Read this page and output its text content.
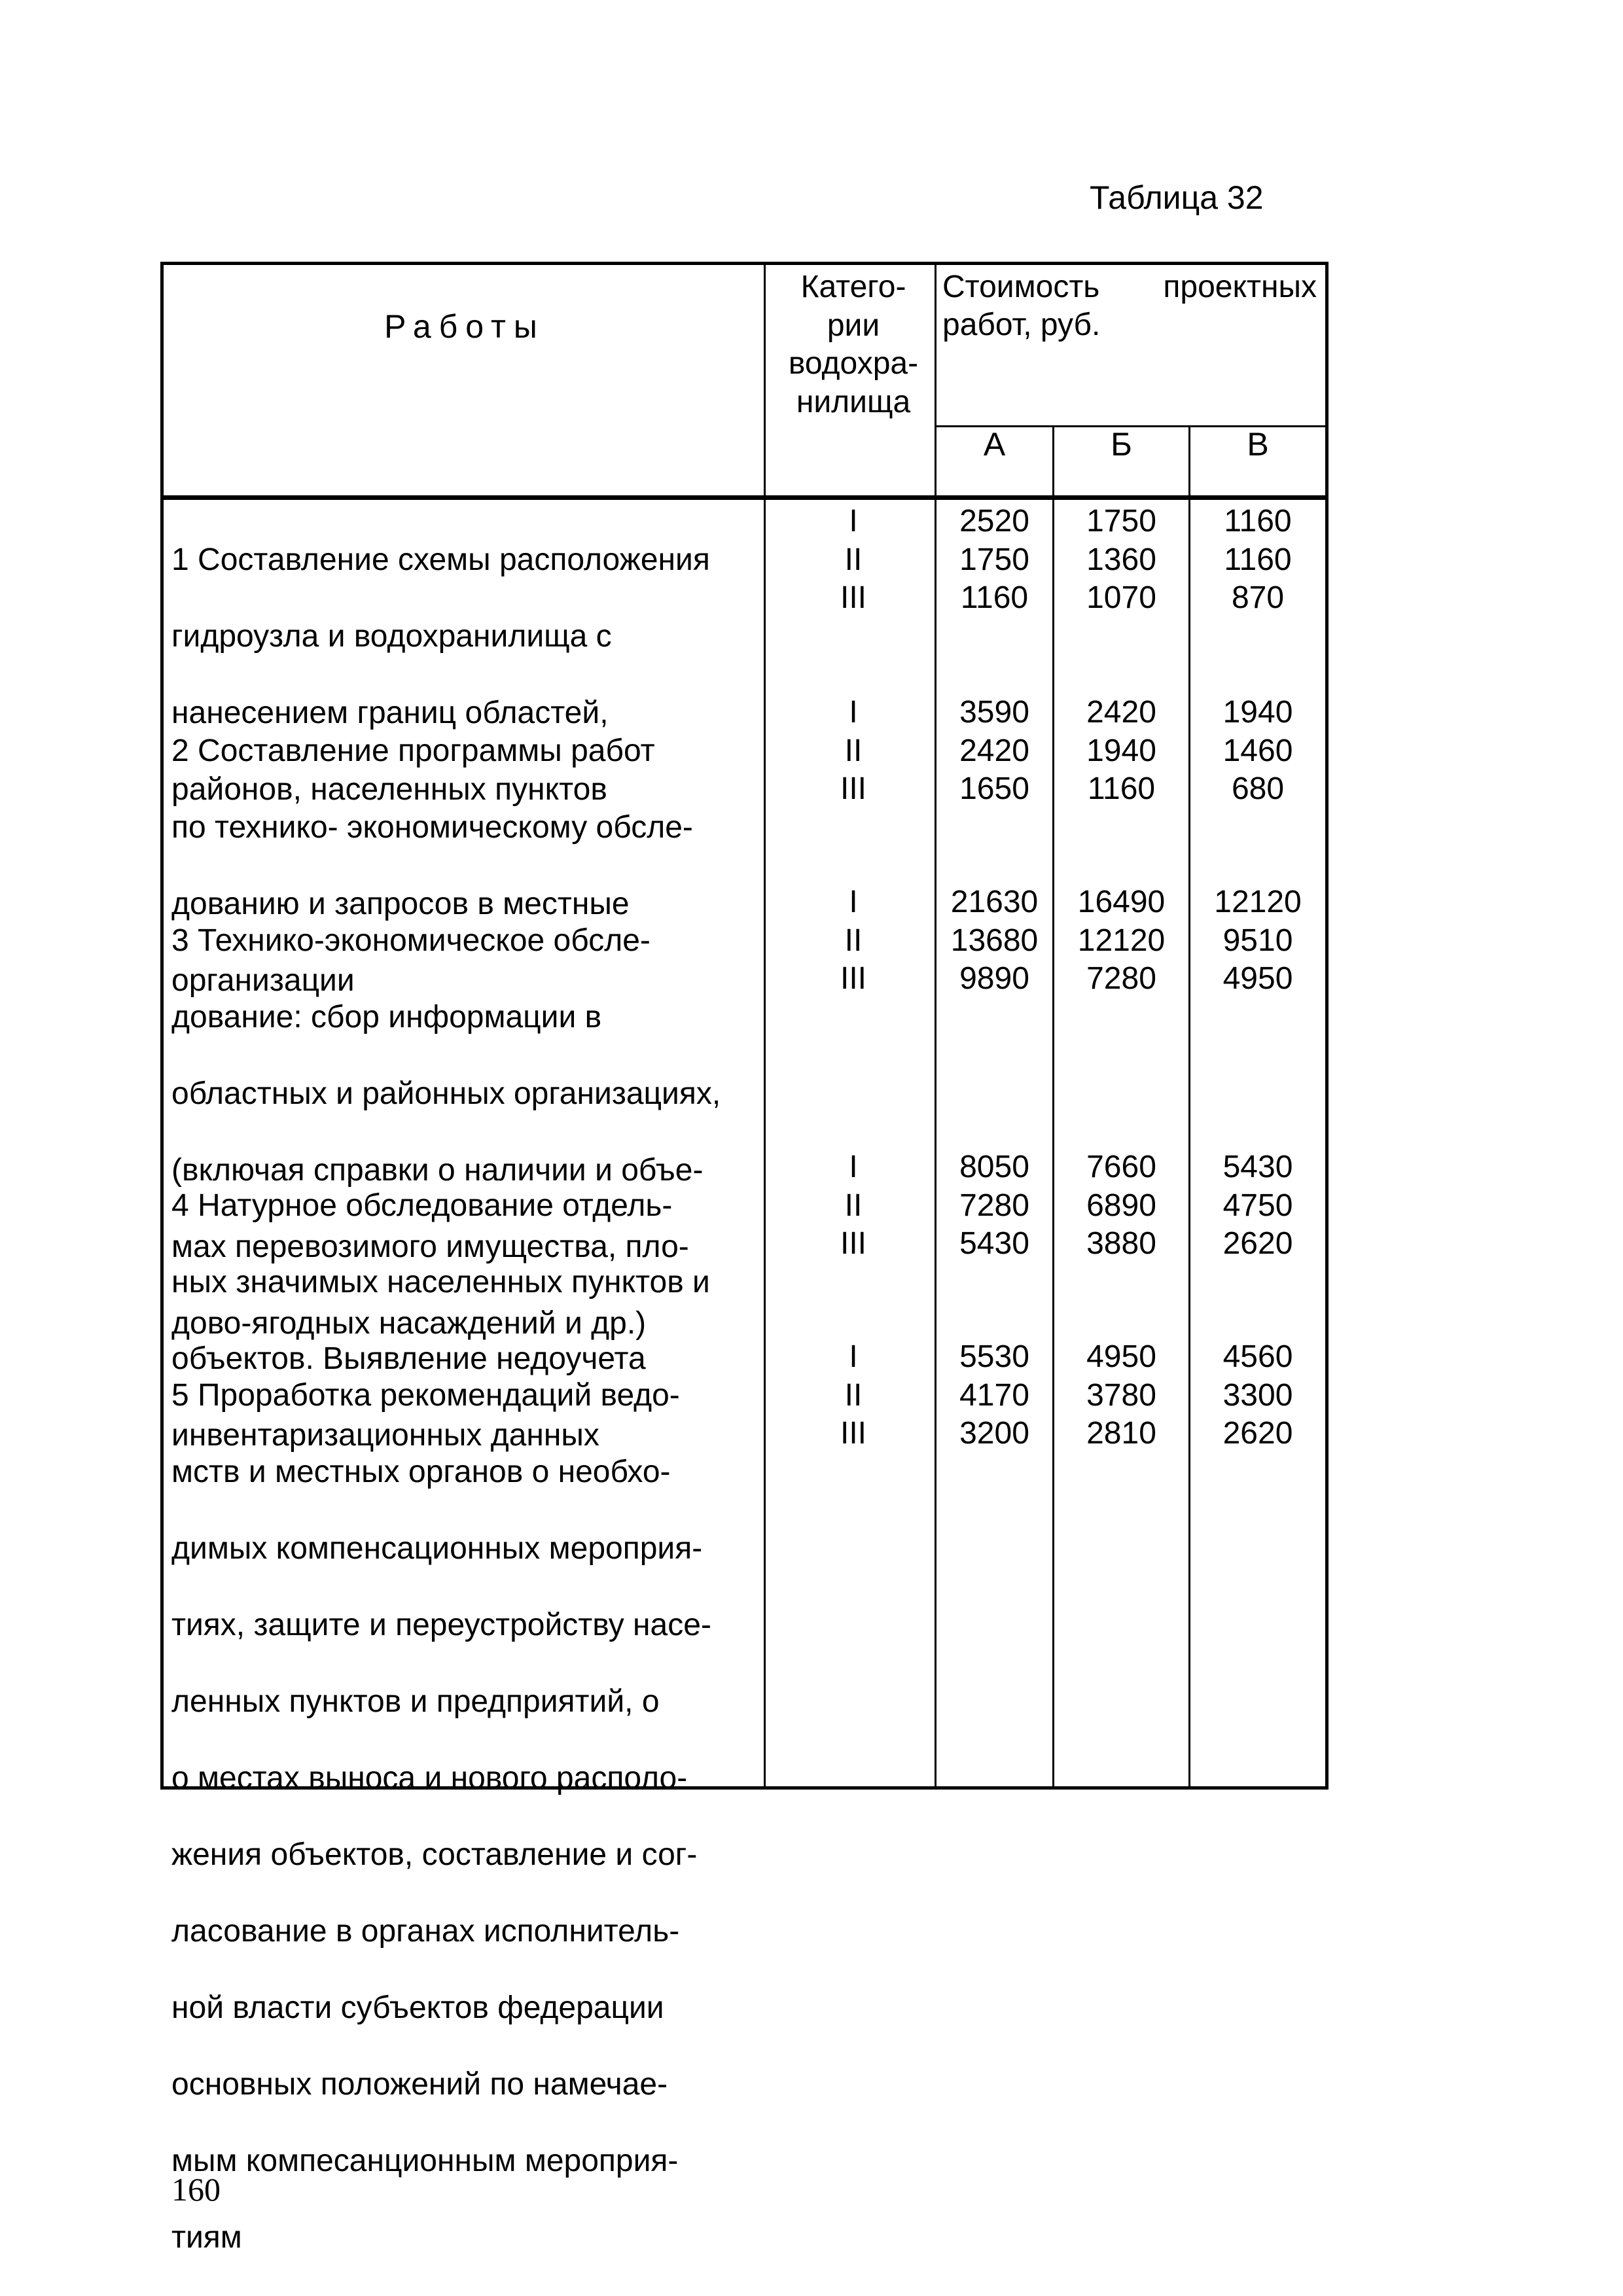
Таблица 32
Работы
Катего-
рии
водохра-
нилища
Стоимость проектных
работ, руб.
А	Б	В

1 Составление схемы расположения

гидроузла и водохранилища с

нанесением границ областей,

районов, населенных пунктов

I
II
III
2520
1750
1160
1750
1360
1070
1160
1160
870

2 Составление программы работ

по технико- экономическому обсле-

дованию и запросов в местные

организации

I
II
III
3590
2420
1650
2420
1940
1160
1940
1460
680

3 Технико-экономическое обсле-

дование: сбор информации в

областных и районных организациях,

(включая справки о наличии и объе-

мах перевозимого имущества, пло-

дово-ягодных насаждений и др.)

I
II
III
21630
13680
9890
16490
12120
7280
12120
9510
4950

4 Натурное обследование отдель-

ных значимых населенных пунктов и

объектов. Выявление недоучета

инвентаризационных данных

I
II
III
8050
7280
5430
7660
6890
3880
5430
4750
2620

5 Проработка рекомендаций ведо-

мств и местных органов о необхо-

димых компенсационных мероприя-

тиях, защите и переустройству насе-

ленных пунктов и предприятий, о

о местах выноса и нового располо-

жения объектов, составление и сог-

ласование в органах исполнитель-

ной власти субъектов федерации

основных положений по намечае-

мым компесанционным мероприя-

тиям

I
II
III
5530
4170
3200
4950
3780
2810
4560
3300
2620
160
